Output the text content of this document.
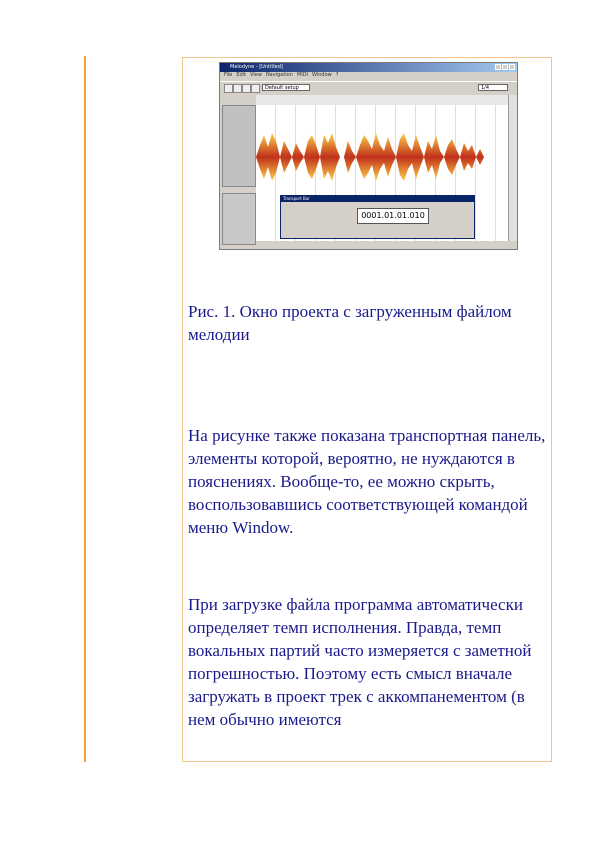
Melodyne - [Untitled]
File Edit View Navigation MIDI Window ?
Default setup	1/4
Transport Bar
0001.01.01.010

Рис. 1. Окно проекта с загруженным файлом мелодии

На рисунке также показана транспортная панель, элементы которой, вероятно, не нуждаются в пояснениях. Вообще-то, ее можно скрыть, воспользовавшись соответствующей командой меню Window.

При загрузке файла программа автоматически определяет темп исполнения. Правда, темп вокальных партий часто измеряется с заметной погрешностью. Поэтому есть смысл вначале загружать в проект трек с аккомпанементом (в нем обычно имеются
